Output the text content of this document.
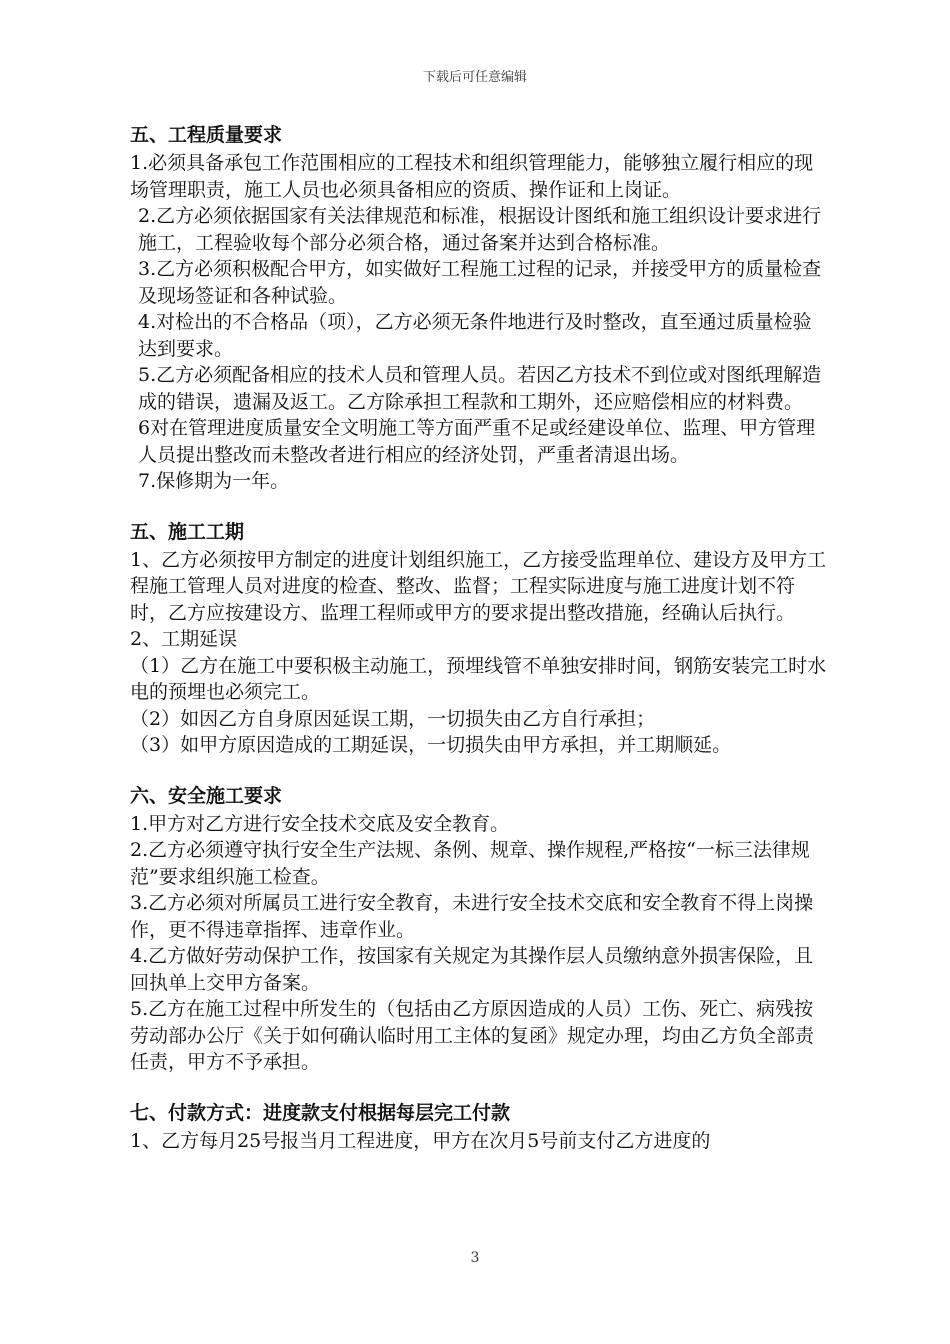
下载后可任意编辑

五、工程质量要求

1.必须具备承包工作范围相应的工程技术和组织管理能力，能够独立履行相应的现场管理职责，施工人员也必须具备相应的资质、操作证和上岗证。

2.乙方必须依据国家有关法律规范和标准，根据设计图纸和施工组织设计要求进行施工，工程验收每个部分必须合格，通过备案并达到合格标准。

3.乙方必须积极配合甲方，如实做好工程施工过程的记录，并接受甲方的质量检查及现场签证和各种试验。

4.对检出的不合格品（项），乙方必须无条件地进行及时整改，直至通过质量检验达到要求。

5.乙方必须配备相应的技术人员和管理人员。若因乙方技术不到位或对图纸理解造成的错误，遗漏及返工。乙方除承担工程款和工期外，还应赔偿相应的材料费。

6对在管理进度质量安全文明施工等方面严重不足或经建设单位、监理、甲方管理人员提出整改而未整改者进行相应的经济处罚，严重者清退出场。

7.保修期为一年。

五、施工工期

1、乙方必须按甲方制定的进度计划组织施工，乙方接受监理单位、建设方及甲方工程施工管理人员对进度的检查、整改、监督；工程实际进度与施工进度计划不符时，乙方应按建设方、监理工程师或甲方的要求提出整改措施，经确认后执行。

2、工期延误

（1）乙方在施工中要积极主动施工，预埋线管不单独安排时间，钢筋安装完工时水电的预埋也必须完工。

（2）如因乙方自身原因延误工期，一切损失由乙方自行承担；

（3）如甲方原因造成的工期延误，一切损失由甲方承担，并工期顺延。

六、安全施工要求

1.甲方对乙方进行安全技术交底及安全教育。

2.乙方必须遵守执行安全生产法规、条例、规章、操作规程,严格按“一标三法律规范”要求组织施工检查。

3.乙方必须对所属员工进行安全教育，未进行安全技术交底和安全教育不得上岗操作，更不得违章指挥、违章作业。

4.乙方做好劳动保护工作，按国家有关规定为其操作层人员缴纳意外损害保险，且回执单上交甲方备案。

5.乙方在施工过程中所发生的（包括由乙方原因造成的人员）工伤、死亡、病残按劳动部办公厅《关于如何确认临时用工主体的复函》规定办理，均由乙方负全部责任责，甲方不予承担。

七、付款方式：进度款支付根据每层完工付款

1、乙方每月25号报当月工程进度，甲方在次月5号前支付乙方进度的

3
